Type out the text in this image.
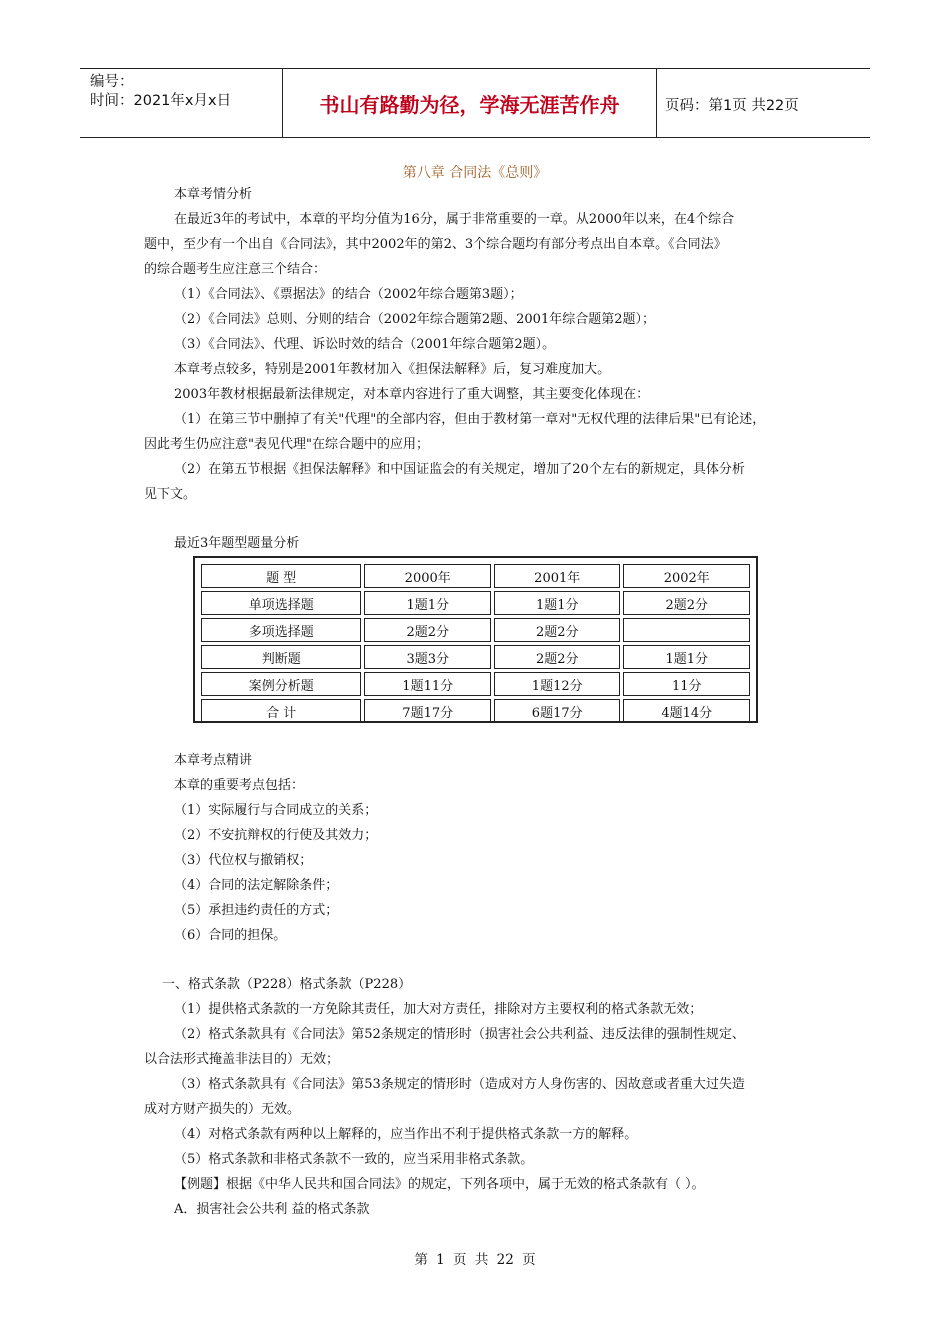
编号：
时间：2021年x月x日	书山有路勤为径，学海无涯苦作舟	页码：第1页 共22页
第八章 合同法《总则》
本章考情分析
在最近3年的考试中，本章的平均分值为16分，属于非常重要的一章。从2000年以来，在4个综合
题中，至少有一个出自《合同法》，其中2002年的第2、3个综合题均有部分考点出自本章。《合同法》
的综合题考生应注意三个结合：
（1）《合同法》、《票据法》的结合（2002年综合题第3题）；
（2）《合同法》总则、分则的结合（2002年综合题第2题、2001年综合题第2题）；
（3）《合同法》、代理、诉讼时效的结合（2001年综合题第2题）。
本章考点较多，特别是2001年教材加入《担保法解释》后，复习难度加大。
2003年教材根据最新法律规定，对本章内容进行了重大调整，其主要变化体现在：
（1）在第三节中删掉了有关"代理"的全部内容，但由于教材第一章对"无权代理的法律后果"已有论述，
因此考生仍应注意"表见代理"在综合题中的应用；
（2）在第五节根据《担保法解释》和中国证监会的有关规定，增加了20个左右的新规定，具体分析
见下文。
最近3年题型题量分析
题 型	2000年	2001年	2002年
单项选择题	1题1分	1题1分	2题2分
多项选择题	2题2分	2题2分	
判断题	3题3分	2题2分	1题1分
案例分析题	1题11分	1题12分	11分
合 计	7题17分	6题17分	4题14分
本章考点精讲
本章的重要考点包括：
（1）实际履行与合同成立的关系；
（2）不安抗辩权的行使及其效力；
（3）代位权与撤销权；
（4）合同的法定解除条件；
（5）承担违约责任的方式；
（6）合同的担保。
一、格式条款（P228）格式条款（P228）
（1）提供格式条款的一方免除其责任，加大对方责任，排除对方主要权利的格式条款无效；
（2）格式条款具有《合同法》第52条规定的情形时（损害社会公共利益、违反法律的强制性规定、
以合法形式掩盖非法目的）无效；
（3）格式条款具有《合同法》第53条规定的情形时（造成对方人身伤害的、因故意或者重大过失造
成对方财产损失的）无效。
（4）对格式条款有两种以上解释的，应当作出不利于提供格式条款一方的解释。
（5）格式条款和非格式条款不一致的，应当采用非格式条款。
【例题】根据《中华人民共和国合同法》的规定，下列各项中，属于无效的格式条款有（ ）。
A．损害社会公共利 益的格式条款
第 1 页 共 22 页
